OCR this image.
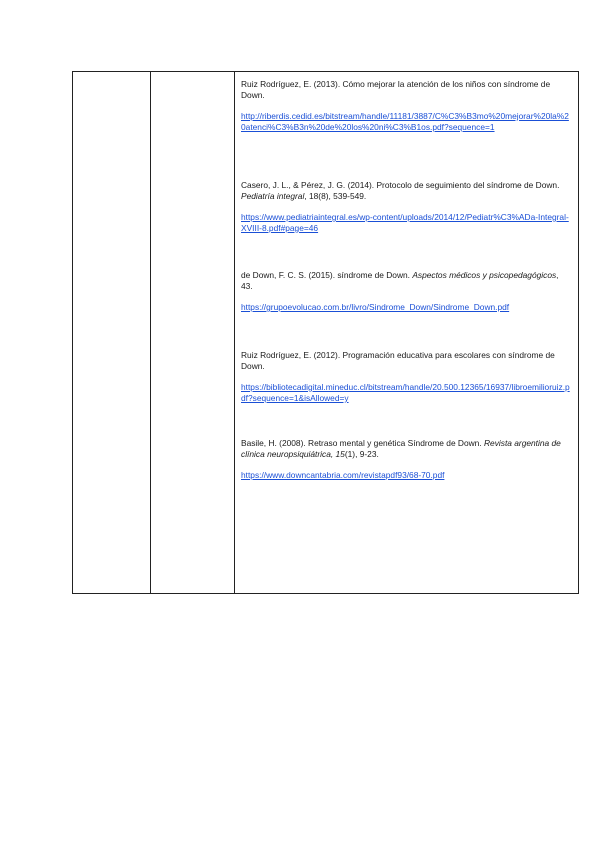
Ruiz Rodríguez, E. (2013). Cómo mejorar la atención de los niños con síndrome de Down.

http://riberdis.cedid.es/bitstream/handle/11181/3887/C%C3%B3mo%20mejorar%20la%20atenci%C3%B3n%20de%20los%20ni%C3%B1os.pdf?sequence=1

Casero, J. L., & Pérez, J. G. (2014). Protocolo de seguimiento del síndrome de Down. Pediatría integral, 18(8), 539-549.

https://www.pediatriaintegral.es/wp-content/uploads/2014/12/Pediatr%C3%ADa-Integral-XVIII-8.pdf#page=46

de Down, F. C. S. (2015). síndrome de Down. Aspectos médicos y psicopedagógicos, 43.

https://grupoevolucao.com.br/livro/Sindrome_Down/Sindrome_Down.pdf

Ruiz Rodríguez, E. (2012). Programación educativa para escolares con síndrome de Down.

https://bibliotecadigital.mineduc.cl/bitstream/handle/20.500.12365/16937/libroemilioruiz.pdf?sequence=1&isAllowed=y

Basile, H. (2008). Retraso mental y genética Síndrome de Down. Revista argentina de clínica neuropsiquiátrica, 15(1), 9-23.

https://www.downcantabria.com/revistapdf93/68-70.pdf
